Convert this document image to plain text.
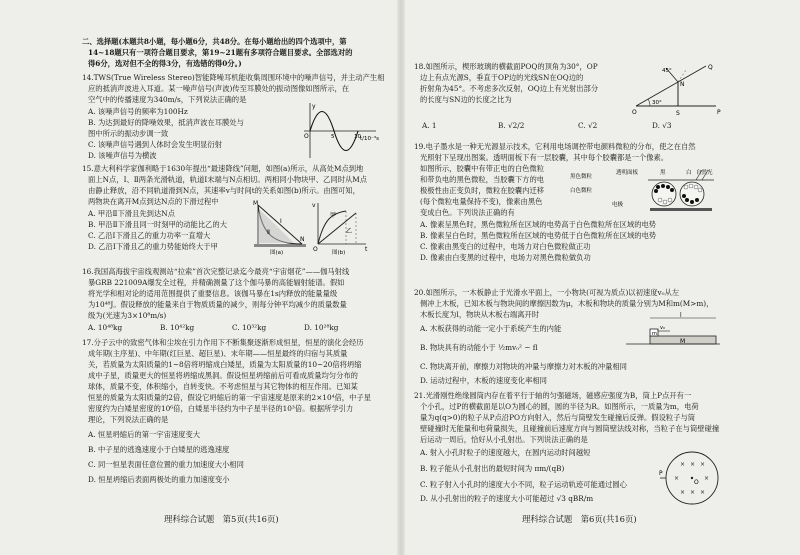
二、选择题(本题共8小题，每小题6分，共48分。在每小题给出的四个选项中，第
14~18题只有一项符合题目要求，第19~21题有多项符合题目要求。全部选对的
得6分，选对但不全的得3分，有选错的得0分。)
14.TWS(True Wireless Stereo)智能降噪耳机能收集周围环境中的噪声信号，并主动产生相
应的抵消声波进入耳道。某一噪声信号(声波)传至耳膜处的振动图像如图所示，在
空气中的传播速度为340m/s，下列说法正确的是
A. 该噪声信号的频率为100Hz
B. 为达到最好的降噪效果，抵消声波在耳膜处与
图中所示的振动步调一致
C. 该噪声信号遇到人体时会发生明显衍射
D. 该噪声信号为横波
y
t/10⁻³s
O	5	10
15.意大利科学家伽利略于1630年提出“最速降线”问题，如图(a)所示，从高处M点到地
面上N点，Ⅰ、Ⅱ两条光滑轨道，轨道Ⅰ末端与N点相切。两相同小物块甲、乙同时从M点
由静止释放，沿不同轨道滑到N点，其速率v与时间t的关系如图(b)所示。由图可知，
两物块在离开M点到达N点的下滑过程中
A. 甲沿Ⅱ下滑且先到达N点
B. 甲沿Ⅱ下滑且同一时刻甲的动能比乙的大
C. 乙沿Ⅰ下滑且乙的重力功率一直增大
D. 乙沿Ⅰ下滑且乙的重力势能始终大于甲
M
N
Ⅰ
Ⅱ
图(a)
v
t
O
甲
乙
图(b)
16.我国高海拔宇宙线观测站“拉索”首次完整记录迄今最亮“宇宙烟花”——伽马射线
暴GRB 221009A爆发全过程，并精确测量了这个伽马暴的高能辐射能谱。假如
将光学和相对论的适用范围提供了重要信息。该伽马暴在1s内释放的能量量级
为10⁴⁸J。假设释放的能量来自于物质质量的减少，则每分钟平均减少的质量数量
级为(光速为3×10⁸m/s)
A. 10⁴⁸kg	B. 10⁴²kg	C. 10³²kg	D. 10²⁸kg
17.分子云中的致密气体和尘埃在引力作用下不断集聚逐渐形成恒星，恒星的演化会经历
成年期(主序星)、中年期(红巨星、超巨星)、末年期——恒星最终的归宿与其质量
关，若质量为太阳质量的1~8倍将坍缩成白矮星，质量为太阳质量的10~20倍将坍缩
成中子星，质量更大的恒星将坍缩成黑洞。假设恒星坍缩前后可看成质量均匀分布的
球体，质量不变，体积缩小，自转变快。不考虑恒星与其它物体的相互作用。已知某
恒星的质量为太阳质量的2倍，假设它坍缩后的第一宇宙速度是原来的2×10⁴倍，中子星
密度约为白矮星密度的10⁶倍，白矮星半径约为中子星半径的10³倍。根据所学引力
理论，下列说法正确的是
A. 恒星坍缩后的第一宇宙速度变大
B. 中子星的逃逸速度小于白矮星的逃逸速度
C. 同一恒星表面任意位置的重力加速度大小相同
D. 恒星坍缩后表面两极处的重力加速度变小
理科综合试题　第5页(共16页)
18.如图所示，楔形玻璃的横截面POQ的顶角为30°，OP
边上有点光源S，垂直于OP边的光线SN在OQ边的
折射角为45°。不考虑多次反射，OQ边上有光射出部分
的长度与SN边的长度之比为
A. 1	B. √2/2	C. √2	D. √3
Q
N
O	S	P
45°
30°
19.电子墨水是一种无光源显示技术，它利用电场调控带电颜料微粒的分布，使之在自然
光照射下呈现出图案。透明面板下有一层胶囊，其中每个胶囊都是一个像素。
如图所示，胶囊中有带正电的白色微粒
和带负电的黑色微粒，当胶囊下方的电
极极性由正变负时，微粒在胶囊内迁移
(每个微粒电量保持不变)，像素由黑色
变成白色。下列说法正确的有
A. 像素呈黑色时，黑色微粒所在区域的电势高于白色微粒所在区域的电势
B. 像素呈白色时，黑色微粒所在区域的电势低于白色微粒所在区域的电势
C. 像素由黑变白的过程中，电场力对白色微粒做正功
D. 像素由白变黑的过程中，电场力对黑色微粒做负功
黑色微粒
白色微粒
透明面板
电极
自然光
黑	白
20.如图所示，一木板静止于光滑水平面上，一小物块(可视为质点)以初速度v₀从左
侧冲上木板，已知木板与物块间的摩擦因数为μ，木板和物块的质量分别为M和m(M>m)，
木板长度为l，物块从木板右端离开时
A. 木板获得的动能一定小于系统产生的内能
B. 物块具有的动能小于 ½mv₀² − fl
C. 物块离开前，摩擦力对物块的冲量与摩擦力对木板的冲量相同
D. 运动过程中，木板的速度变化率相同
l
v₀
m
M
21.光滑刚性绝缘圆筒内存在着平行于轴的匀强磁场，磁感应强度为B，筒上P点开有一
个小孔，过P的横截面是以O为圆心的圆，圆的半径为R。如图所示，一质量为m，电荷
量为q(q>0)的粒子从P点沿PO方向射入，然后与筒壁发生碰撞后反弹。假设粒子与筒
壁碰撞时无能量和电荷量损失，且碰撞前后速度方向与圆筒壁法线对称，当粒子在与筒壁碰撞
后运动一周后，恰好从小孔射出。下列说法正确的是
A. 射入小孔时粒子的速度越大，在圆内运动时间越短
B. 粒子能从小孔射出的最短时间为 πm/(qB)
C. 粒子射入小孔时的速度大小不同，粒子运动轨迹可能通过圆心
D. 从小孔射出的粒子的速度大小可能超过 √3 qBR/m
× × ×
×	×
× × ×
P
O
理科综合试题　第6页(共16页)
